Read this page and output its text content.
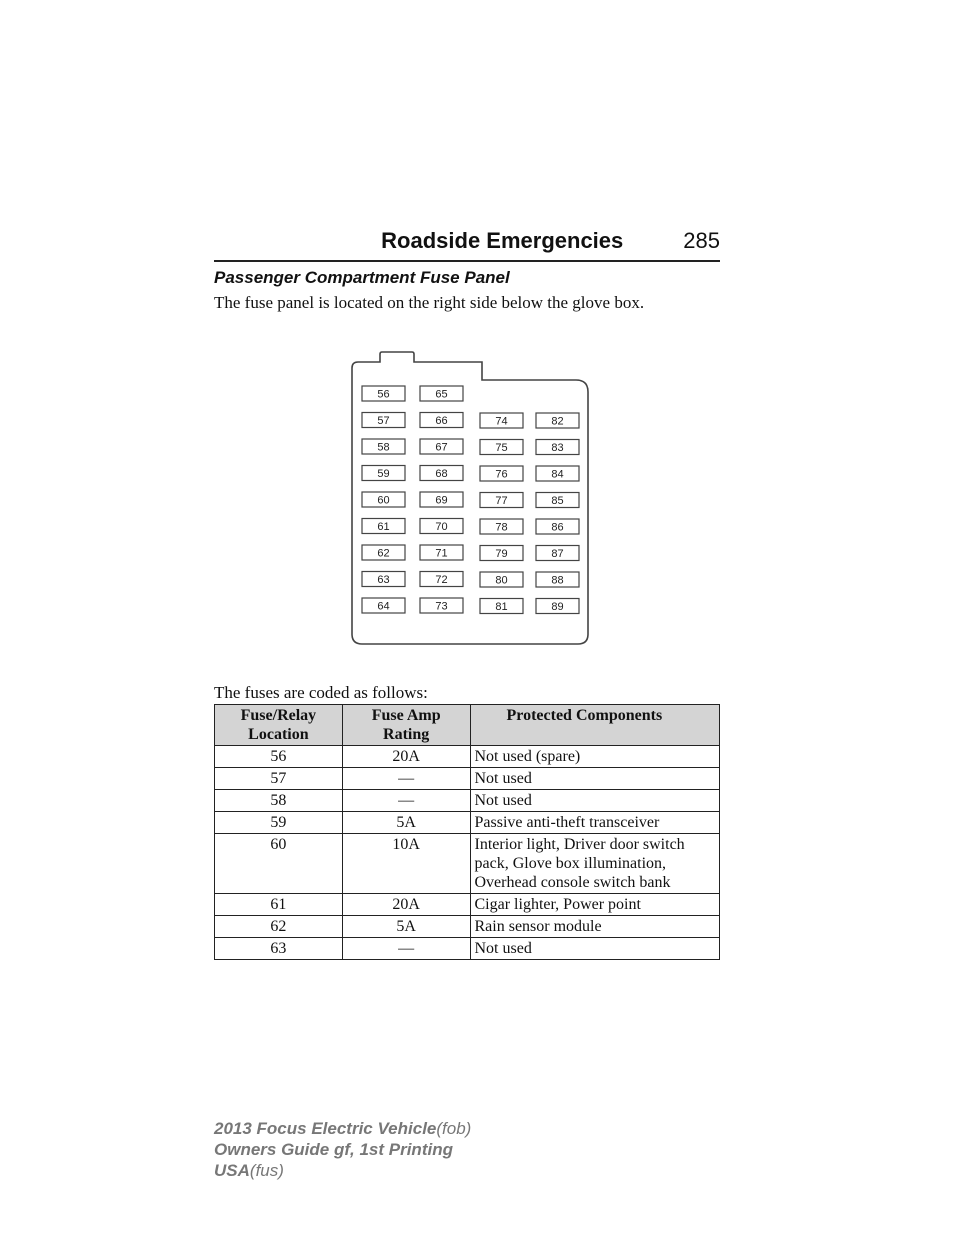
Roadside Emergencies	285
Passenger Compartment Fuse Panel
The fuse panel is located on the right side below the glove box.
56
57
58
59
60
61
62
63
64
65
66
67
68
69
70
71
72
73
74
75
76
77
78
79
80
81
82
83
84
85
86
87
88
89
The fuses are coded as follows:
Fuse/Relay Location	Fuse Amp Rating	Protected Components
56	20A	Not used (spare)
57	—	Not used
58	—	Not used
59	5A	Passive anti-theft transceiver
60	10A	Interior light, Driver door switch pack, Glove box illumination, Overhead console switch bank
61	20A	Cigar lighter, Power point
62	5A	Rain sensor module
63	—	Not used
2013 Focus Electric Vehicle(fob)
Owners Guide gf, 1st Printing
USA(fus)
